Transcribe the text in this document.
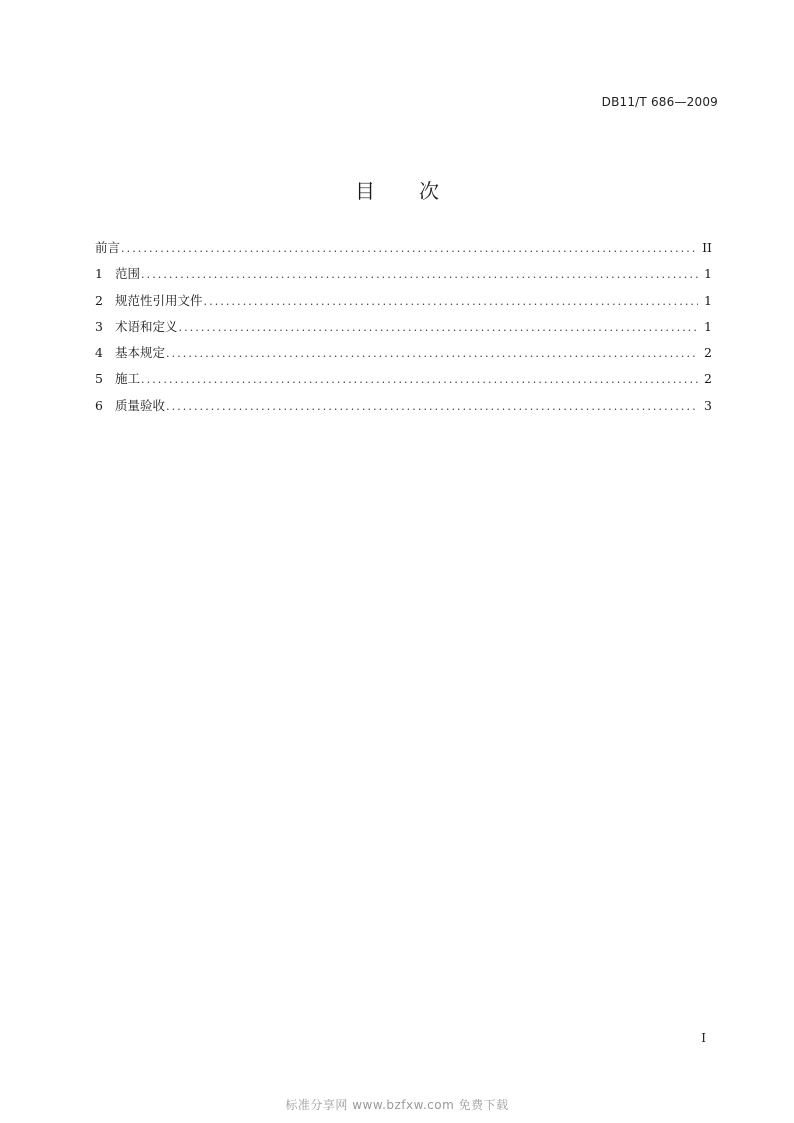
DB11/T 686—2009
目次
前言 .....	II
1 范围 .....	1
2 规范性引用文件 .....	1
3 术语和定义 .....	1
4 基本规定 .....	2
5 施工 .....	2
6 质量验收 .....	3
I
标准分享网 www.bzfxw.com 免费下载
